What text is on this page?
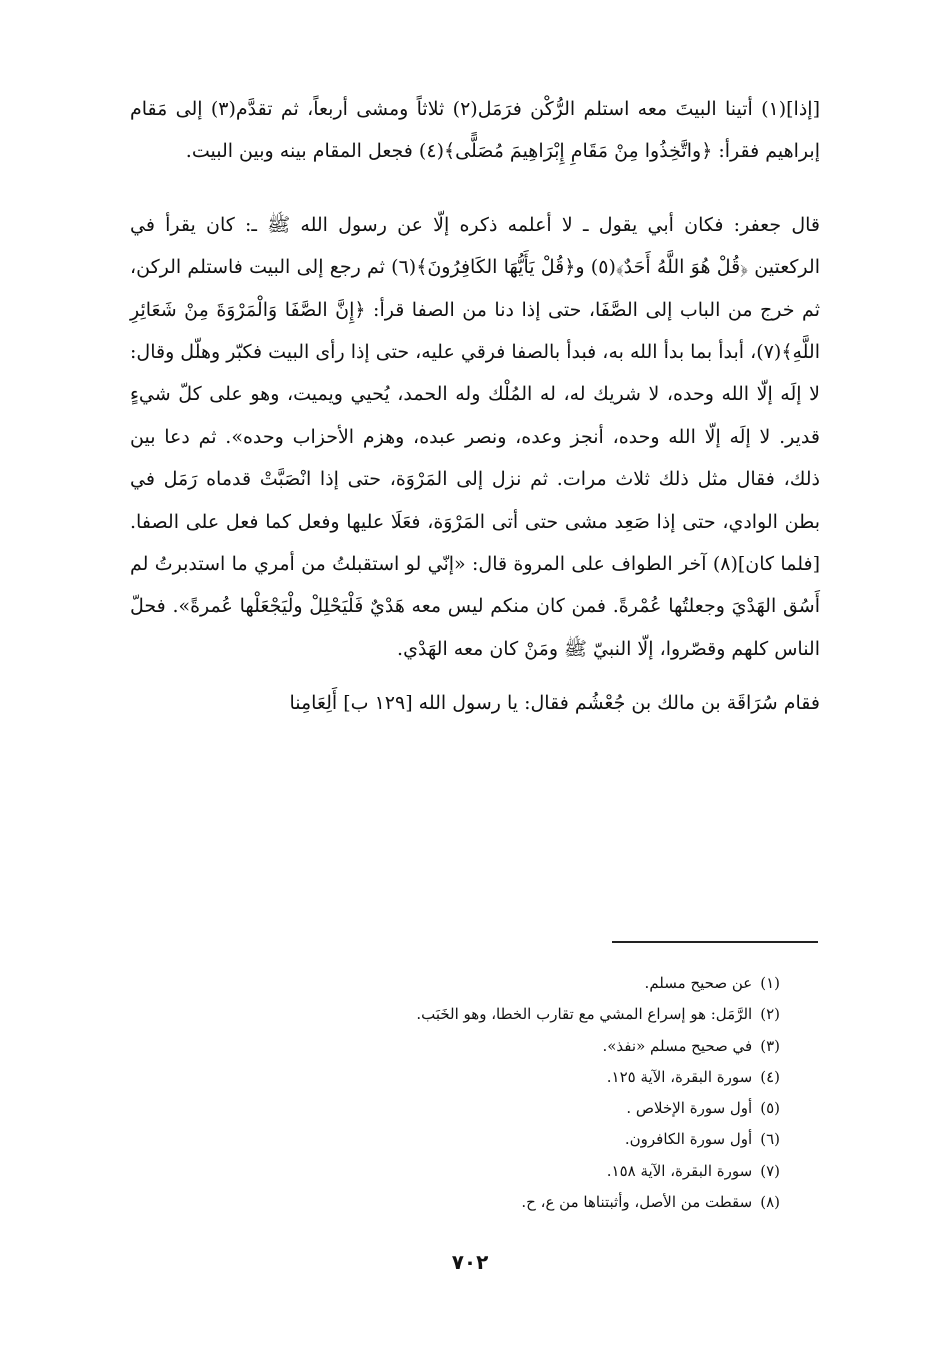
[إذا](١) أتينا البيتَ معه استلم الرُّكْن فرَمَل(٢) ثلاثاً ومشى أربعاً، ثم تقدَّم(٣) إلى مَقام إبراهيم فقرأ: ﴿واتَّخِذُوا مِنْ مَقَامِ إِبْرَاهِيمَ مُصَلًّى﴾(٤) فجعل المقام بينه وبين البيت.

قال جعفر: فكان أبي يقول ـ لا أعلمه ذكره إلّا عن رسول الله ﷺ ـ: كان يقرأ في الركعتين ﴿قُلْ هُوَ اللَّهُ أَحَدٌ﴾(٥) و﴿قُلْ يَأَيُّهَا الكَافِرُونَ﴾(٦) ثم رجع إلى البيت فاستلم الركن، ثم خرج من الباب إلى الصَّفَا، حتى إذا دنا من الصفا قرأ: ﴿إِنَّ الصَّفَا وَالْمَرْوَةَ مِنْ شَعَائِرِ اللَّهِ﴾(٧)، أبدأ بما بدأ الله به، فبدأ بالصفا فرقي عليه، حتى إذا رأى البيت فكبّر وهلّل وقال: لا إلَه إلّا الله وحده، لا شريك له، له المُلْك وله الحمد، يُحيي ويميت، وهو على كلّ شيءٍ قدير. لا إلَه إلّا الله وحده، أنجز وعده، ونصر عبده، وهزم الأحزاب وحده». ثم دعا بين ذلك، فقال مثل ذلك ثلاث مرات. ثم نزل إلى المَرْوَة، حتى إذا انْصَبَّتْ قدماه رَمَل في بطن الوادي، حتى إذا صَعِد مشى حتى أتى المَرْوَة، فعَلَا عليها وفعل كما فعل على الصفا. [فلما كان](٨) آخر الطواف على المروة قال: «إنّي لو استقبلتُ من أمري ما استدبرتُ لم أَسُق الهَدْيَ وجعلتُها عُمْرةً. فمن كان منكم ليس معه هَدْيٌ فَلْيَحْلِلْ ولْيَجْعَلْها عُمرةً». فحلّ الناس كلهم وقصّروا، إلّا النبيّ ﷺ ومَنْ كان معه الهَدْي.

فقام سُرَاقَة بن مالك بن جُعْشُم فقال: يا رسول الله [١٢٩ ب] أَلِعَامِنا

(١)عن صحيح مسلم.
(٢)الرَّمَل: هو إسراع المشي مع تقارب الخطا، وهو الخَبَب.
(٣)في صحيح مسلم «نفذ».
(٤)سورة البقرة، الآية ١٢٥.
(٥)أول سورة الإخلاص .
(٦)أول سورة الكافرون.
(٧)سورة البقرة، الآية ١٥٨.
(٨)سقطت من الأصل، وأثبتناها من ع، ح.
٧٠٢
